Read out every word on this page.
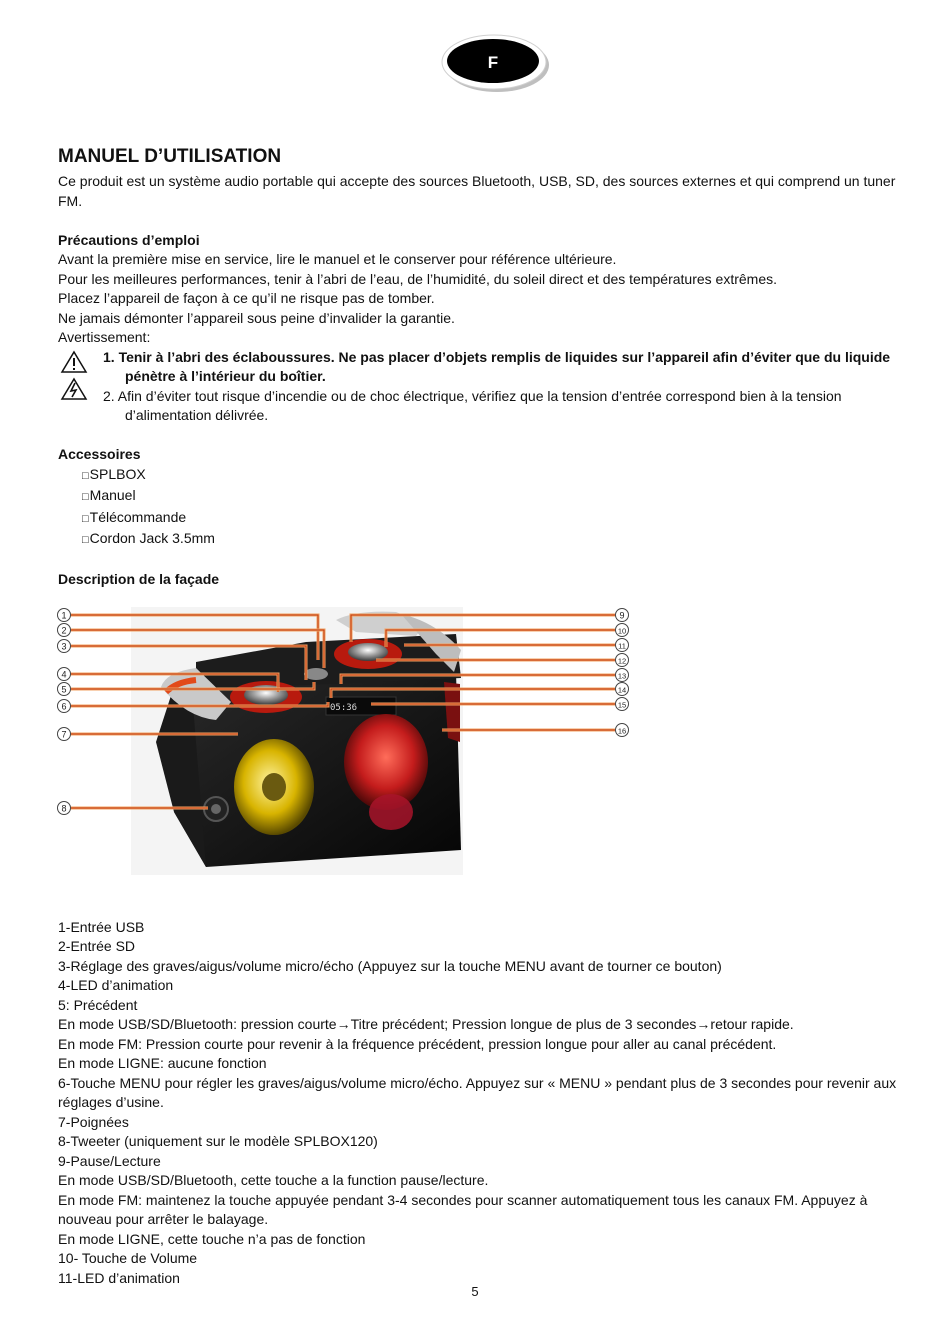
F
MANUEL D’UTILISATION

Ce produit est un système audio portable qui accepte des sources Bluetooth, USB, SD, des sources externes et qui comprend un tuner FM.

Précautions d’emploi

Avant la première mise en service, lire le manuel et le conserver pour référence ultérieure.

Pour les meilleures performances, tenir à l’abri de l’eau, de l’humidité, du soleil direct et des températures extrêmes.

Placez l’appareil de façon à ce qu’il ne risque pas de tomber.

Ne jamais démonter l’appareil sous peine d’invalider la garantie.

Avertissement:

1. Tenir à l’abri des éclaboussures. Ne pas placer d’objets remplis de liquides sur l’appareil afin d’éviter que du liquide pénètre à l’intérieur du boîtier.
2. Afin d’éviter tout risque d’incendie ou de choc électrique, vérifiez que la tension d’entrée correspond bien à la tension d’alimentation délivrée.

Accessoires

□SPLBOX
□Manuel
□Télécommande
□Cordon Jack 3.5mm

Description de la façade

05:36
1
2
3
4
5
6
7
8
9
10
11
12
13
14
15
16

1-Entrée USB

2-Entrée SD

3-Réglage des graves/aigus/volume micro/écho (Appuyez sur la touche MENU avant de tourner ce bouton)

4-LED d’animation

5: Précédent

En mode USB/SD/Bluetooth: pression courte→Titre précédent; Pression longue de plus de 3 secondes→retour rapide.

En mode FM: Pression courte pour revenir à la fréquence précédent, pression longue pour aller au canal précédent.

En mode LIGNE: aucune fonction

6-Touche MENU pour régler les graves/aigus/volume micro/écho. Appuyez sur « MENU » pendant plus de 3 secondes pour revenir aux réglages d’usine.

7-Poignées

8-Tweeter (uniquement sur le modèle SPLBOX120)

9-Pause/Lecture

En mode USB/SD/Bluetooth, cette touche a la function pause/lecture.

En mode FM: maintenez la touche appuyée pendant 3-4 secondes pour scanner automatiquement tous les canaux FM. Appuyez à nouveau pour arrêter le balayage.

En mode LIGNE, cette touche n’a pas de fonction

10- Touche de Volume

11-LED d’animation

5
